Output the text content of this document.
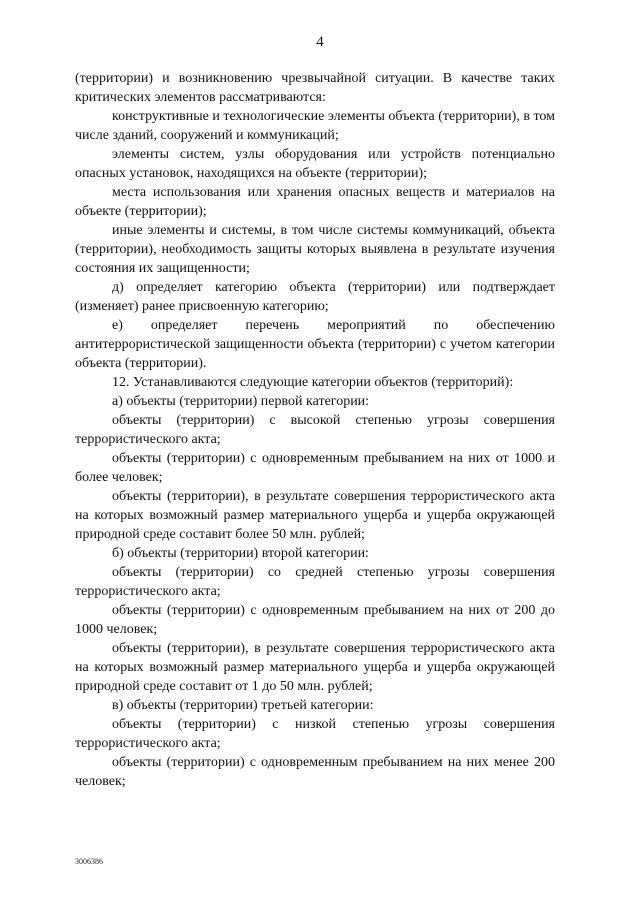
4

(территории) и возникновению чрезвычайной ситуации. В качестве таких критических элементов рассматриваются:

конструктивные и технологические элементы объекта (территории), в том числе зданий, сооружений и коммуникаций;

элементы систем, узлы оборудования или устройств потенциально опасных установок, находящихся на объекте (территории);

места использования или хранения опасных веществ и материалов на объекте (территории);

иные элементы и системы, в том числе системы коммуникаций, объекта (территории), необходимость защиты которых выявлена в результате изучения состояния их защищенности;

д) определяет категорию объекта (территории) или подтверждает (изменяет) ранее присвоенную категорию;

е) определяет перечень мероприятий по обеспечению антитеррористической защищенности объекта (территории) с учетом категории объекта (территории).

12. Устанавливаются следующие категории объектов (территорий):

а) объекты (территории) первой категории:

объекты (территории) с высокой степенью угрозы совершения террористического акта;

объекты (территории) с одновременным пребыванием на них от 1000 и более человек;

объекты (территории), в результате совершения террористического акта на которых возможный размер материального ущерба и ущерба окружающей природной среде составит более 50 млн. рублей;

б) объекты (территории) второй категории:

объекты (территории) со средней степенью угрозы совершения террористического акта;

объекты (территории) с одновременным пребыванием на них от 200 до 1000 человек;

объекты (территории), в результате совершения террористического акта на которых возможный размер материального ущерба и ущерба окружающей природной среде составит от 1 до 50 млн. рублей;

в) объекты (территории) третьей категории:

объекты (территории) с низкой степенью угрозы совершения террористического акта;

объекты (территории) с одновременным пребыванием на них менее 200 человек;

3006386
